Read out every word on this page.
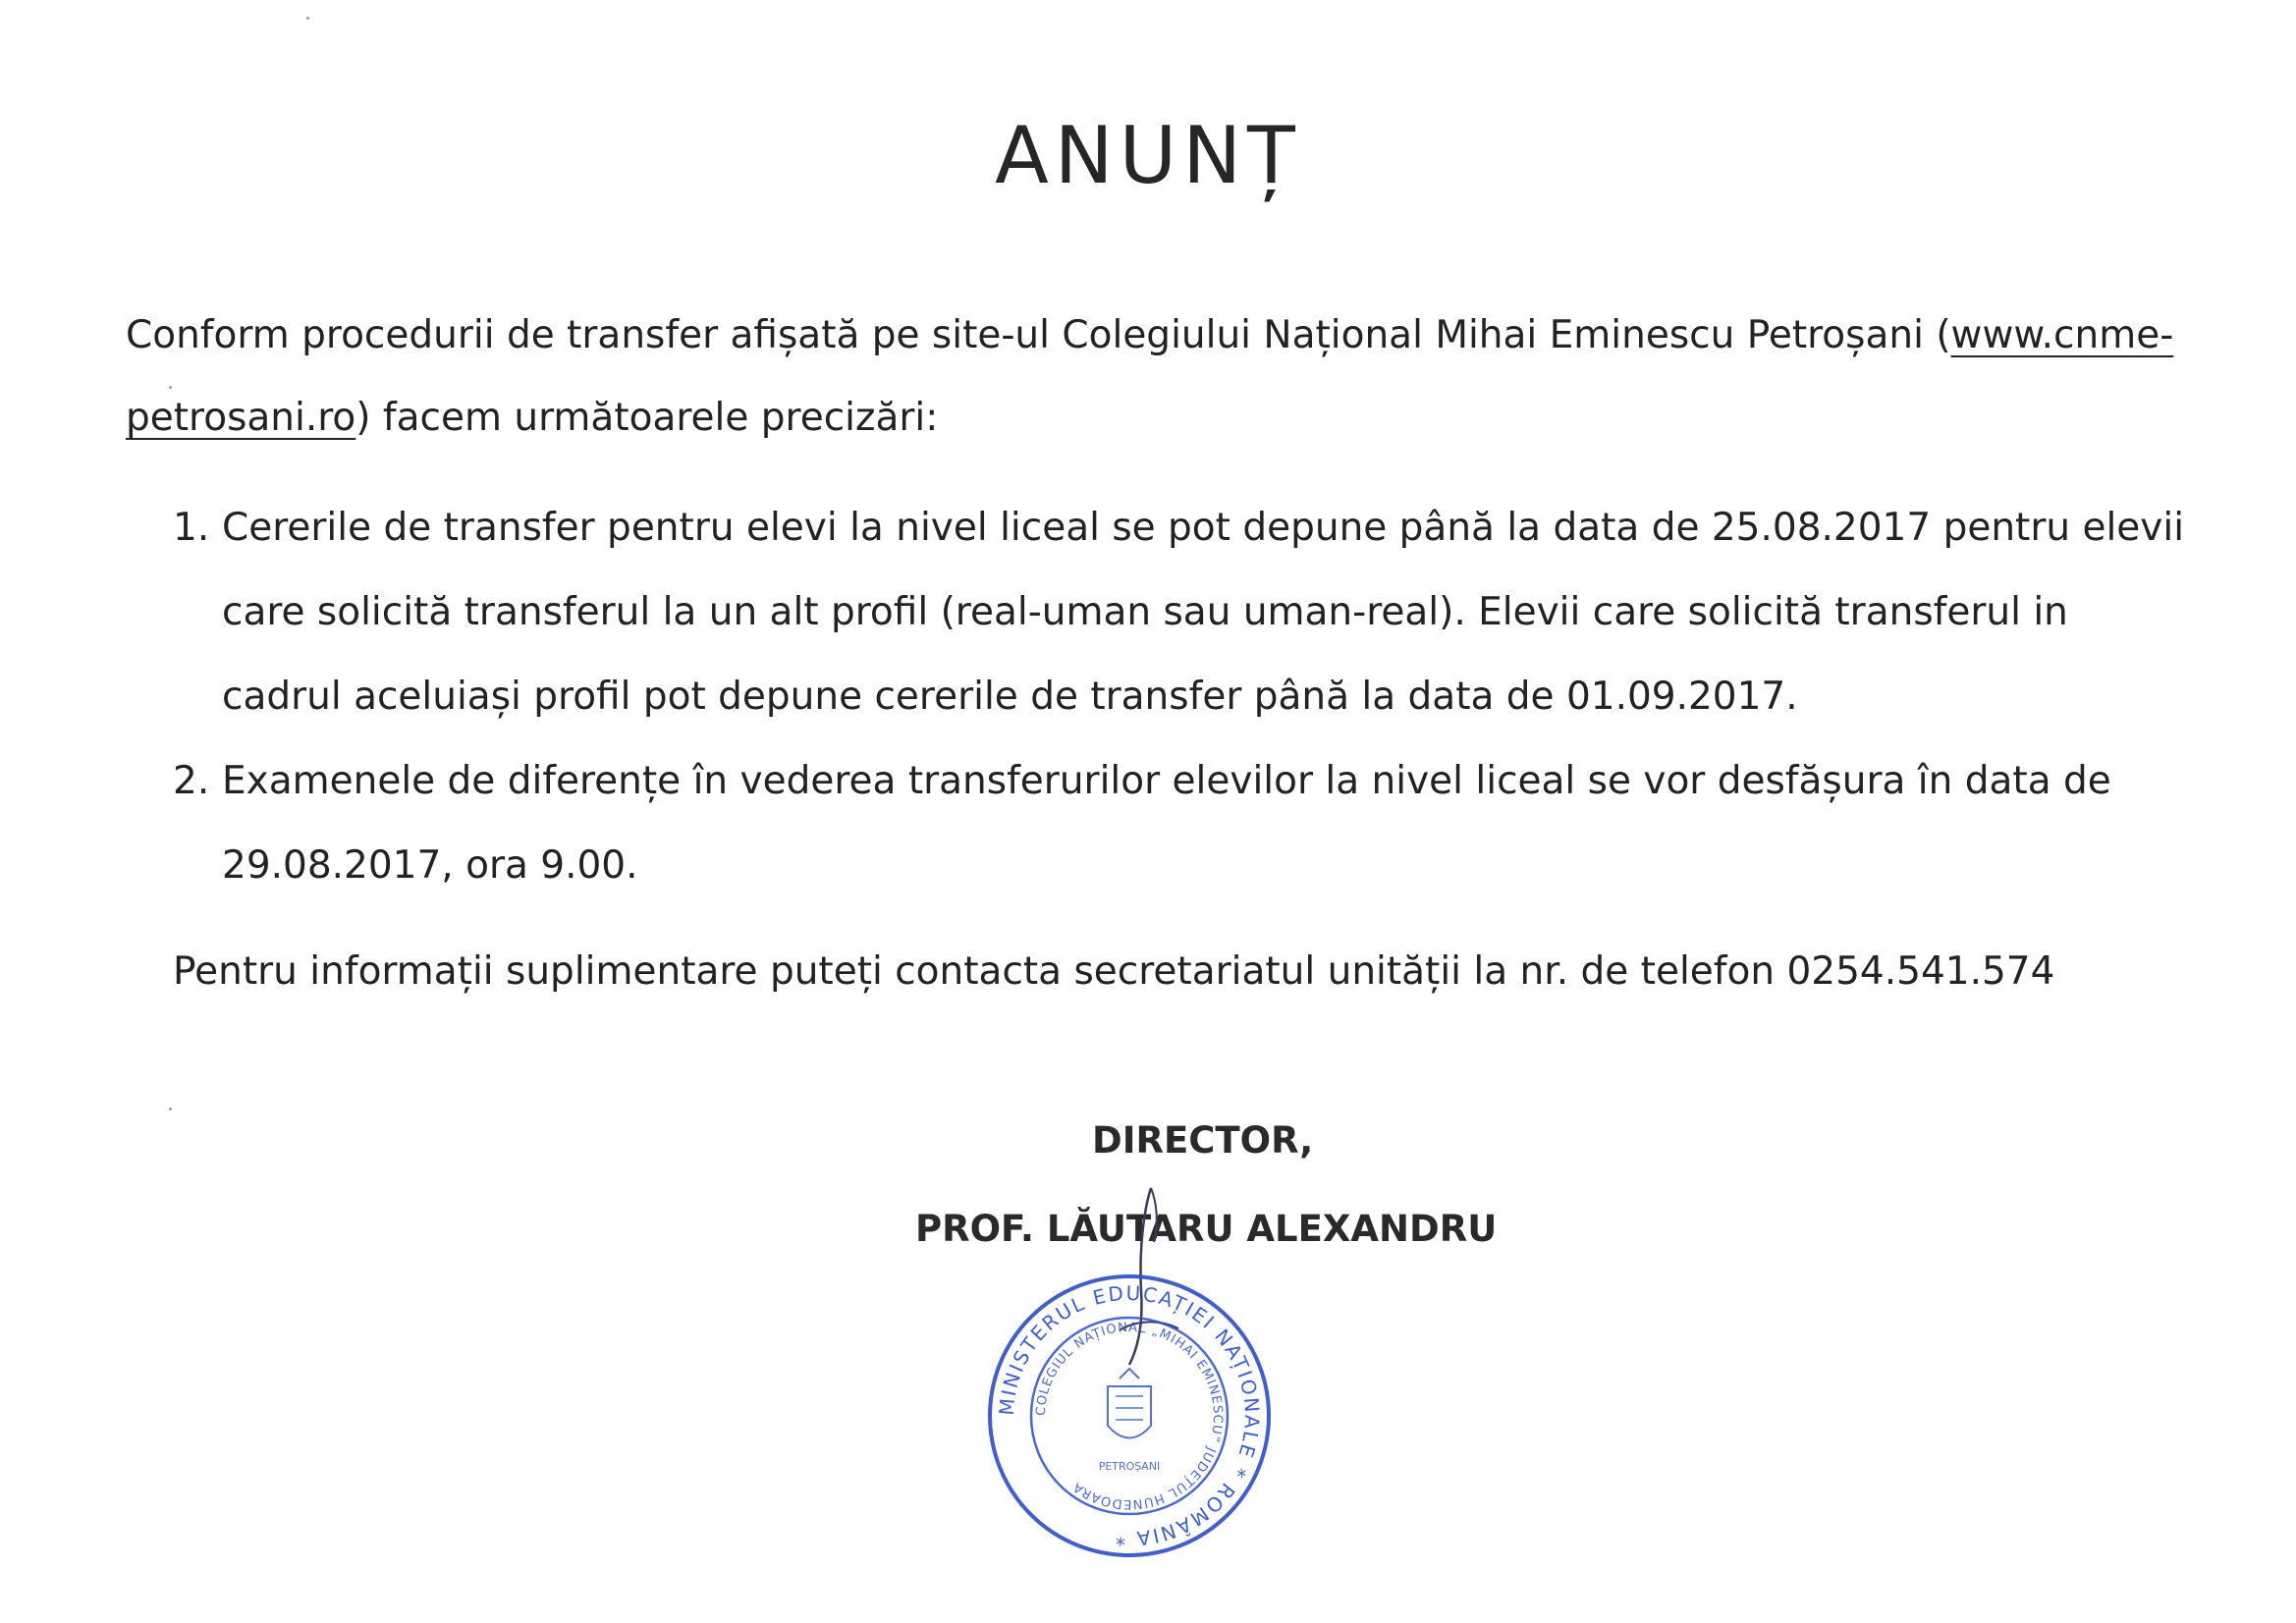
ANUNȚ
Conform procedurii de transfer afișată pe site-ul Colegiului Național Mihai Eminescu Petroșani (www.cnme-
petrosani.ro) facem următoarele precizări:
1. Cererile de transfer pentru elevi la nivel liceal se pot depune până la data de 25.08.2017 pentru elevii care solicită transferul la un alt profil (real-uman sau uman-real). Elevii care solicită transferul in cadrul aceluiași profil pot depune cererile de transfer până la data de 01.09.2017.
2. Examenele de diferențe în vederea transferurilor elevilor la nivel liceal se vor desfășura în data de 29.08.2017, ora 9.00.
Pentru informații suplimentare puteți contacta secretariatul unității la nr. de telefon 0254.541.574
DIRECTOR,
PROF. LĂUTARU ALEXANDRU
MINISTERUL EDUCAȚIEI NAȚIONALE * ROMÂNIA *
COLEGIUL NAȚIONAL „MIHAI EMINESCU” JUDEȚUL HUNEDOARA
PETROȘANI
